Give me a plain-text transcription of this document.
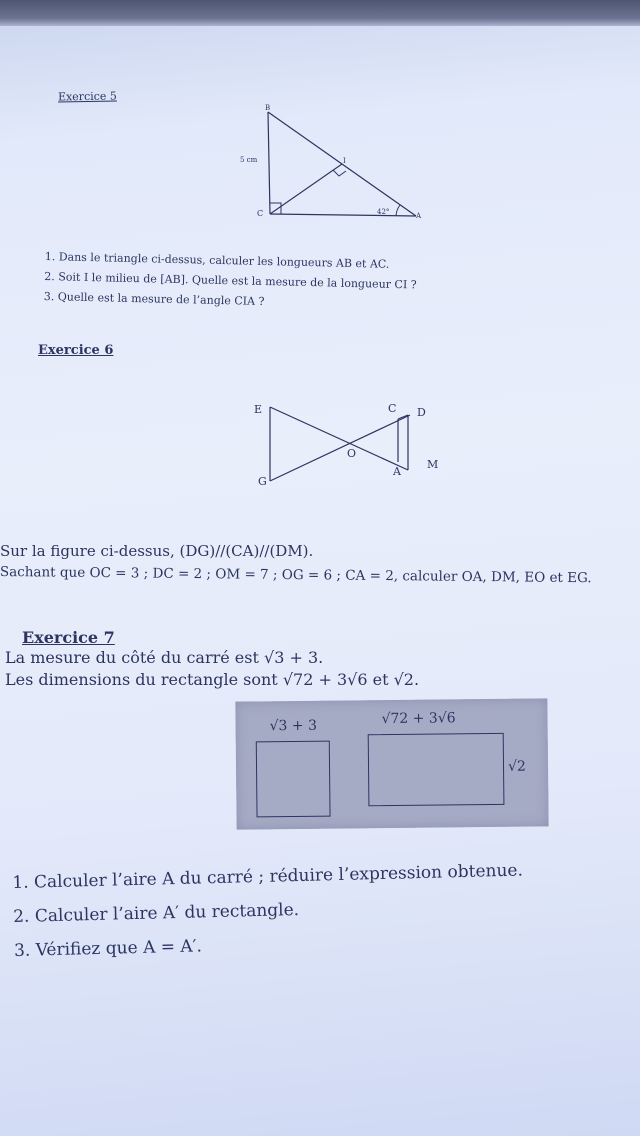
Exercice 5
B
C	A
I
5 cm
42°
1. Dans le triangle ci-dessus, calculer les longueurs AB et AC.
2. Soit I le milieu de [AB]. Quelle est la mesure de la longueur CI ?
3. Quelle est la mesure de l’angle CIA ?
Exercice 6
E	C D
O
A
M
G
Sur la figure ci-dessus, (DG)//(CA)//(DM).
Sachant que OC = 3 ; DC = 2 ; OM = 7 ; OG = 6 ; CA = 2, calculer OA, DM, EO et EG.
Exercice 7
La mesure du côté du carré est √3 + 3.
Les dimensions du rectangle sont √72 + 3√6 et √2.
√3 + 3	√72 + 3√6
√2
1. Calculer l’aire A du carré ; réduire l’expression obtenue.
2. Calculer l’aire A′ du rectangle.
3. Vérifiez que A = A′.
